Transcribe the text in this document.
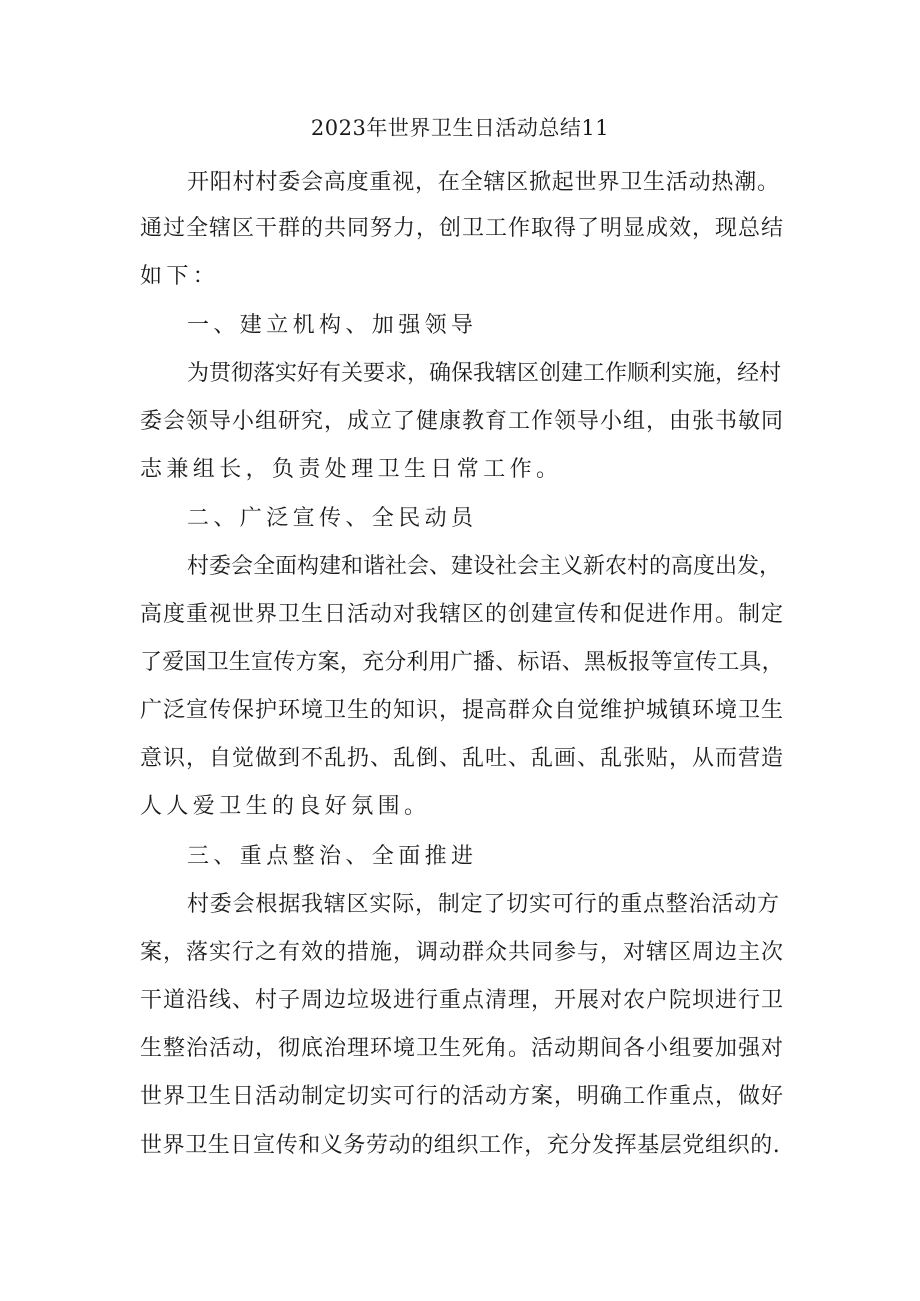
2023年世界卫生日活动总结11
开阳村村委会高度重视，在全辖区掀起世界卫生活动热潮。
通过全辖区干群的共同努力，创卫工作取得了明显成效，现总结
如下：
一、建立机构、加强领导
为贯彻落实好有关要求，确保我辖区创建工作顺利实施，经村
委会领导小组研究，成立了健康教育工作领导小组，由张书敏同
志兼组长，负责处理卫生日常工作。
二、广泛宣传、全民动员
村委会全面构建和谐社会、建设社会主义新农村的高度出发，
高度重视世界卫生日活动对我辖区的创建宣传和促进作用。制定
了爱国卫生宣传方案，充分利用广播、标语、黑板报等宣传工具，
广泛宣传保护环境卫生的知识，提高群众自觉维护城镇环境卫生
意识，自觉做到不乱扔、乱倒、乱吐、乱画、乱张贴，从而营造
人人爱卫生的良好氛围。
三、重点整治、全面推进
村委会根据我辖区实际，制定了切实可行的重点整治活动方
案，落实行之有效的措施，调动群众共同参与，对辖区周边主次
干道沿线、村子周边垃圾进行重点清理，开展对农户院坝进行卫
生整治活动，彻底治理环境卫生死角。活动期间各小组要加强对
世界卫生日活动制定切实可行的活动方案，明确工作重点，做好
世界卫生日宣传和义务劳动的组织工作，充分发挥基层党组织的.
